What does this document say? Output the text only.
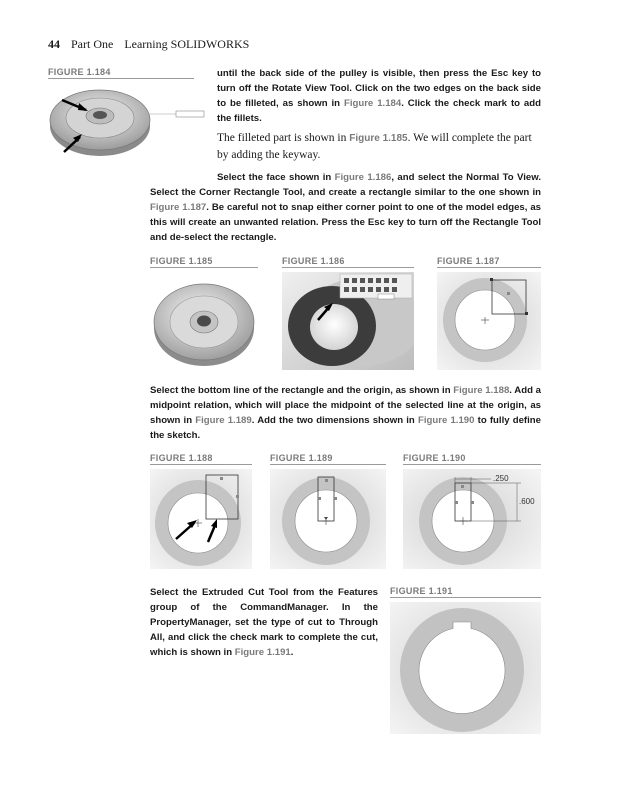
44 Part One Learning SOLIDWORKS
FIGURE 1.184	until the back side of the pulley is visible, then press the Esc key to turn off the Rotate View Tool. Click on the two edges on the back side to be filleted, as shown in Figure 1.184. Click the check mark to add the fillets.
The filleted part is shown in Figure 1.185. We will complete the part by adding the keyway.
Select the face shown in Figure 1.186, and select the Normal To View. Select the Corner Rectangle Tool, and create a rectangle similar to the one shown in Figure 1.187. Be careful not to snap either corner point to one of the model edges, as this will create an unwanted relation. Press the Esc key to turn off the Rectangle Tool and de-select the rectangle.
FIGURE 1.185	FIGURE 1.186	FIGURE 1.187
Select the bottom line of the rectangle and the origin, as shown in Figure 1.188. Add a midpoint relation, which will place the midpoint of the selected line at the origin, as shown in Figure 1.189. Add the two dimensions shown in Figure 1.190 to fully define the sketch.
FIGURE 1.188	FIGURE 1.189	FIGURE 1.190
.250
.600
Select the Extruded Cut Tool from the Features group of the CommandManager. In the PropertyManager, set the type of cut to Through All, and click the check mark to complete the cut, which is shown in Figure 1.191.
FIGURE 1.191
